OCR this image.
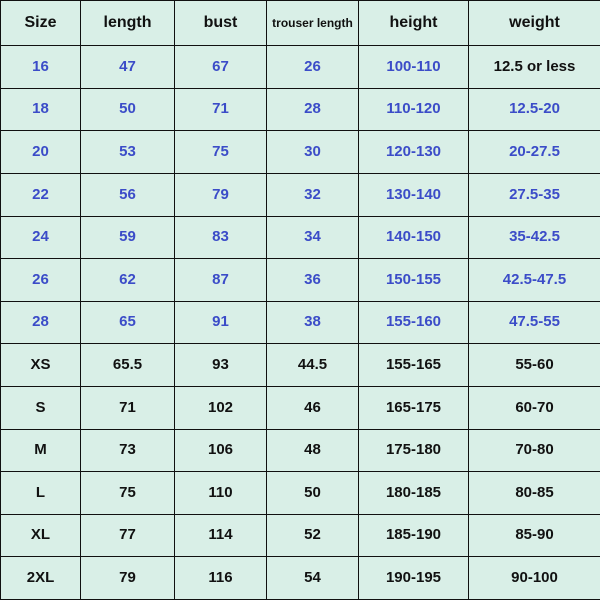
Size	length	bust	trouser length	height	weight
16	47	67	26	100-110	12.5 or less
18	50	71	28	110-120	12.5-20
20	53	75	30	120-130	20-27.5
22	56	79	32	130-140	27.5-35
24	59	83	34	140-150	35-42.5
26	62	87	36	150-155	42.5-47.5
28	65	91	38	155-160	47.5-55
XS	65.5	93	44.5	155-165	55-60
S	71	102	46	165-175	60-70
M	73	106	48	175-180	70-80
L	75	110	50	180-185	80-85
XL	77	114	52	185-190	85-90
2XL	79	116	54	190-195	90-100
